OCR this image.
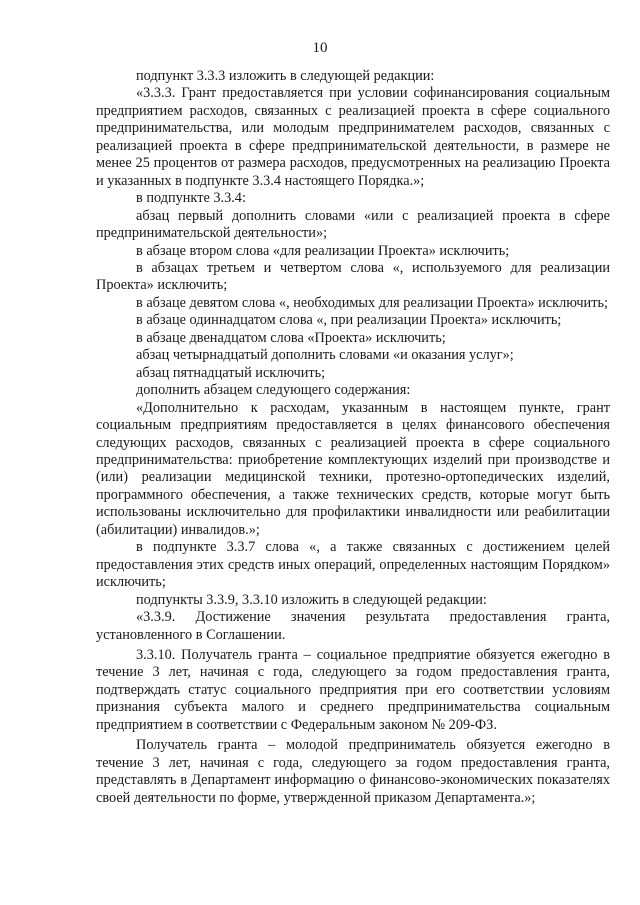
10

подпункт 3.3.3 изложить в следующей редакции:

«3.3.3. Грант предоставляется при условии софинансирования социальным предприятием расходов, связанных с реализацией проекта в сфере социального предпринимательства, или молодым предпринимателем расходов, связанных с реализацией проекта в сфере предпринимательской деятельности, в размере не менее 25 процентов от размера расходов, предусмотренных на реализацию Проекта и указанных в подпункте 3.3.4 настоящего Порядка.»;

в подпункте 3.3.4:

абзац первый дополнить словами «или с реализацией проекта в сфере предпринимательской деятельности»;

в абзаце втором слова «для реализации Проекта» исключить;

в абзацах третьем и четвертом слова «, используемого для реализации Проекта» исключить;

в абзаце девятом слова «, необходимых для реализации Проекта» исключить;

в абзаце одиннадцатом слова «, при реализации Проекта» исключить;

в абзаце двенадцатом слова «Проекта» исключить;

абзац четырнадцатый дополнить словами «и оказания услуг»;

абзац пятнадцатый исключить;

дополнить абзацем следующего содержания:

«Дополнительно к расходам, указанным в настоящем пункте, грант социальным предприятиям предоставляется в целях финансового обеспечения следующих расходов, связанных с реализацией проекта в сфере социального предпринимательства: приобретение комплектующих изделий при производстве и (или) реализации медицинской техники, протезно-ортопедических изделий, программного обеспечения, а также технических средств, которые могут быть использованы исключительно для профилактики инвалидности или реабилитации (абилитации) инвалидов.»;

в подпункте 3.3.7 слова «, а также связанных с достижением целей предоставления этих средств иных операций, определенных настоящим Порядком» исключить;

подпункты 3.3.9, 3.3.10 изложить в следующей редакции:

«3.3.9. Достижение значения результата предоставления гранта, установленного в Соглашении.

3.3.10. Получатель гранта – социальное предприятие обязуется ежегодно в течение 3 лет, начиная с года, следующего за годом предоставления гранта, подтверждать статус социального предприятия при его соответствии условиям признания субъекта малого и среднего предпринимательства социальным предприятием в соответствии с Федеральным законом № 209-ФЗ.

Получатель гранта – молодой предприниматель обязуется ежегодно в течение 3 лет, начиная с года, следующего за годом предоставления гранта, представлять в Департамент информацию о финансово-экономических показателях своей деятельности по форме, утвержденной приказом Департамента.»;
